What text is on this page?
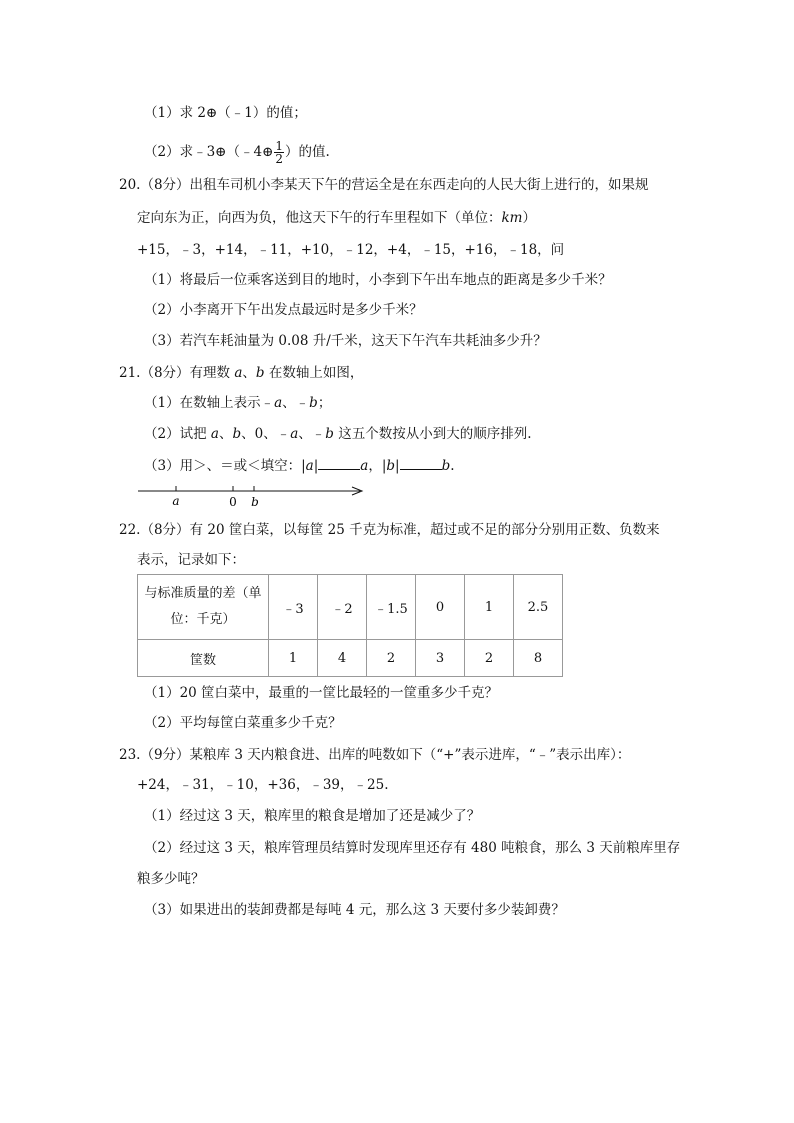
（1）求 2⊕（﹣1）的值；
（2）求﹣3⊕（﹣4⊕ $\frac{1}{2}$ ）的值.
20.（8分）出租车司机小李某天下午的营运全是在东西走向的人民大街上进行的，如果规
定向东为正，向西为负，他这天下午的行车里程如下（单位：km）
+15，﹣3，+14，﹣11，+10，﹣12，+4，﹣15，+16，﹣18，问
（1）将最后一位乘客送到目的地时，小李到下午出车地点的距离是多少千米？
（2）小李离开下午出发点最远时是多少千米？
（3）若汽车耗油量为 0.08 升/千米，这天下午汽车共耗油多少升？
21.（8分）有理数 a、b 在数轴上如图，
（1）在数轴上表示﹣a、﹣b；
（2）试把 a、b、0、﹣a、﹣b 这五个数按从小到大的顺序排列.
（3）用＞、＝或＜填空：|a|	a，|b|	b.
a	0 b
22.（8分）有 20 筐白菜，以每筐 25 千克为标准，超过或不足的部分分别用正数、负数来
表示，记录如下：
与标准质量的差（单
位：千克）	﹣3	﹣2	﹣1.5	0	1	2.5
筐数	1	4	2	3	2	8
（1）20 筐白菜中，最重的一筐比最轻的一筐重多少千克？
（2）平均每筐白菜重多少千克？
23.（9分）某粮库 3 天内粮食进、出库的吨数如下（“+”表示进库，“﹣”表示出库）：
+24，﹣31，﹣10，+36，﹣39，﹣25.
（1）经过这 3 天，粮库里的粮食是增加了还是减少了？
（2）经过这 3 天，粮库管理员结算时发现库里还存有 480 吨粮食，那么 3 天前粮库里存
粮多少吨？
（3）如果进出的装卸费都是每吨 4 元，那么这 3 天要付多少装卸费？
